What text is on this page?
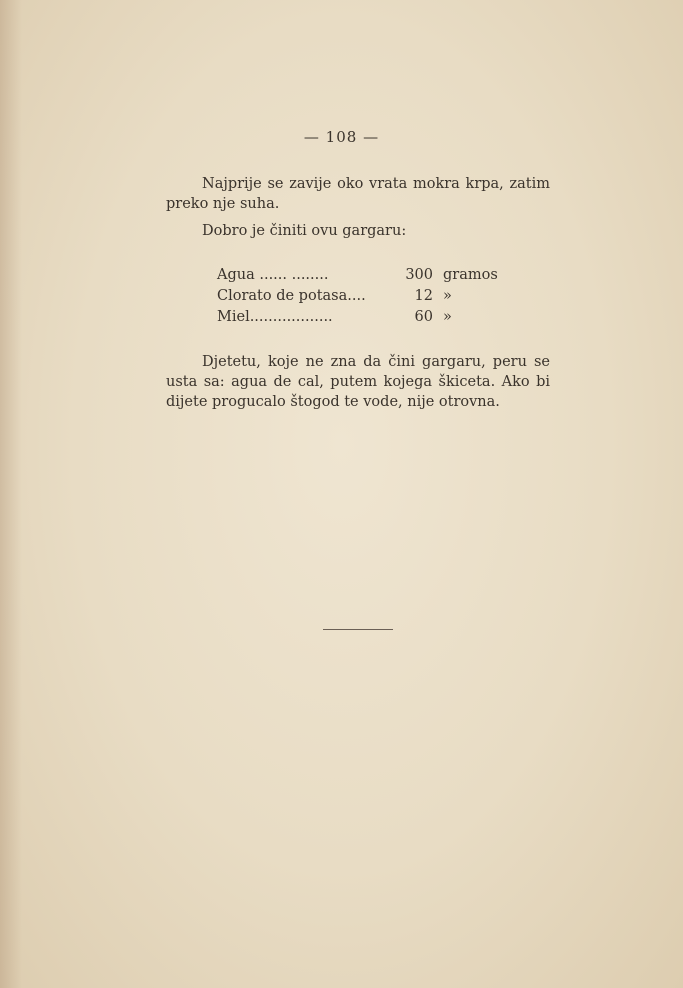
— 108 —

Najprije se zavije oko vrata mokra krpa, zatim preko nje suha.

Dobro je činiti ovu gargaru:

Agua ...... ........	300 gramos
Clorato de potasa....	12 »
Miel..................	60 »

Djetetu, koje ne zna da čini gargaru, peru se usta sa: agua de cal, putem kojega škiceta. Ako bi dijete progucalo štogod te vode, nije otrovna.
